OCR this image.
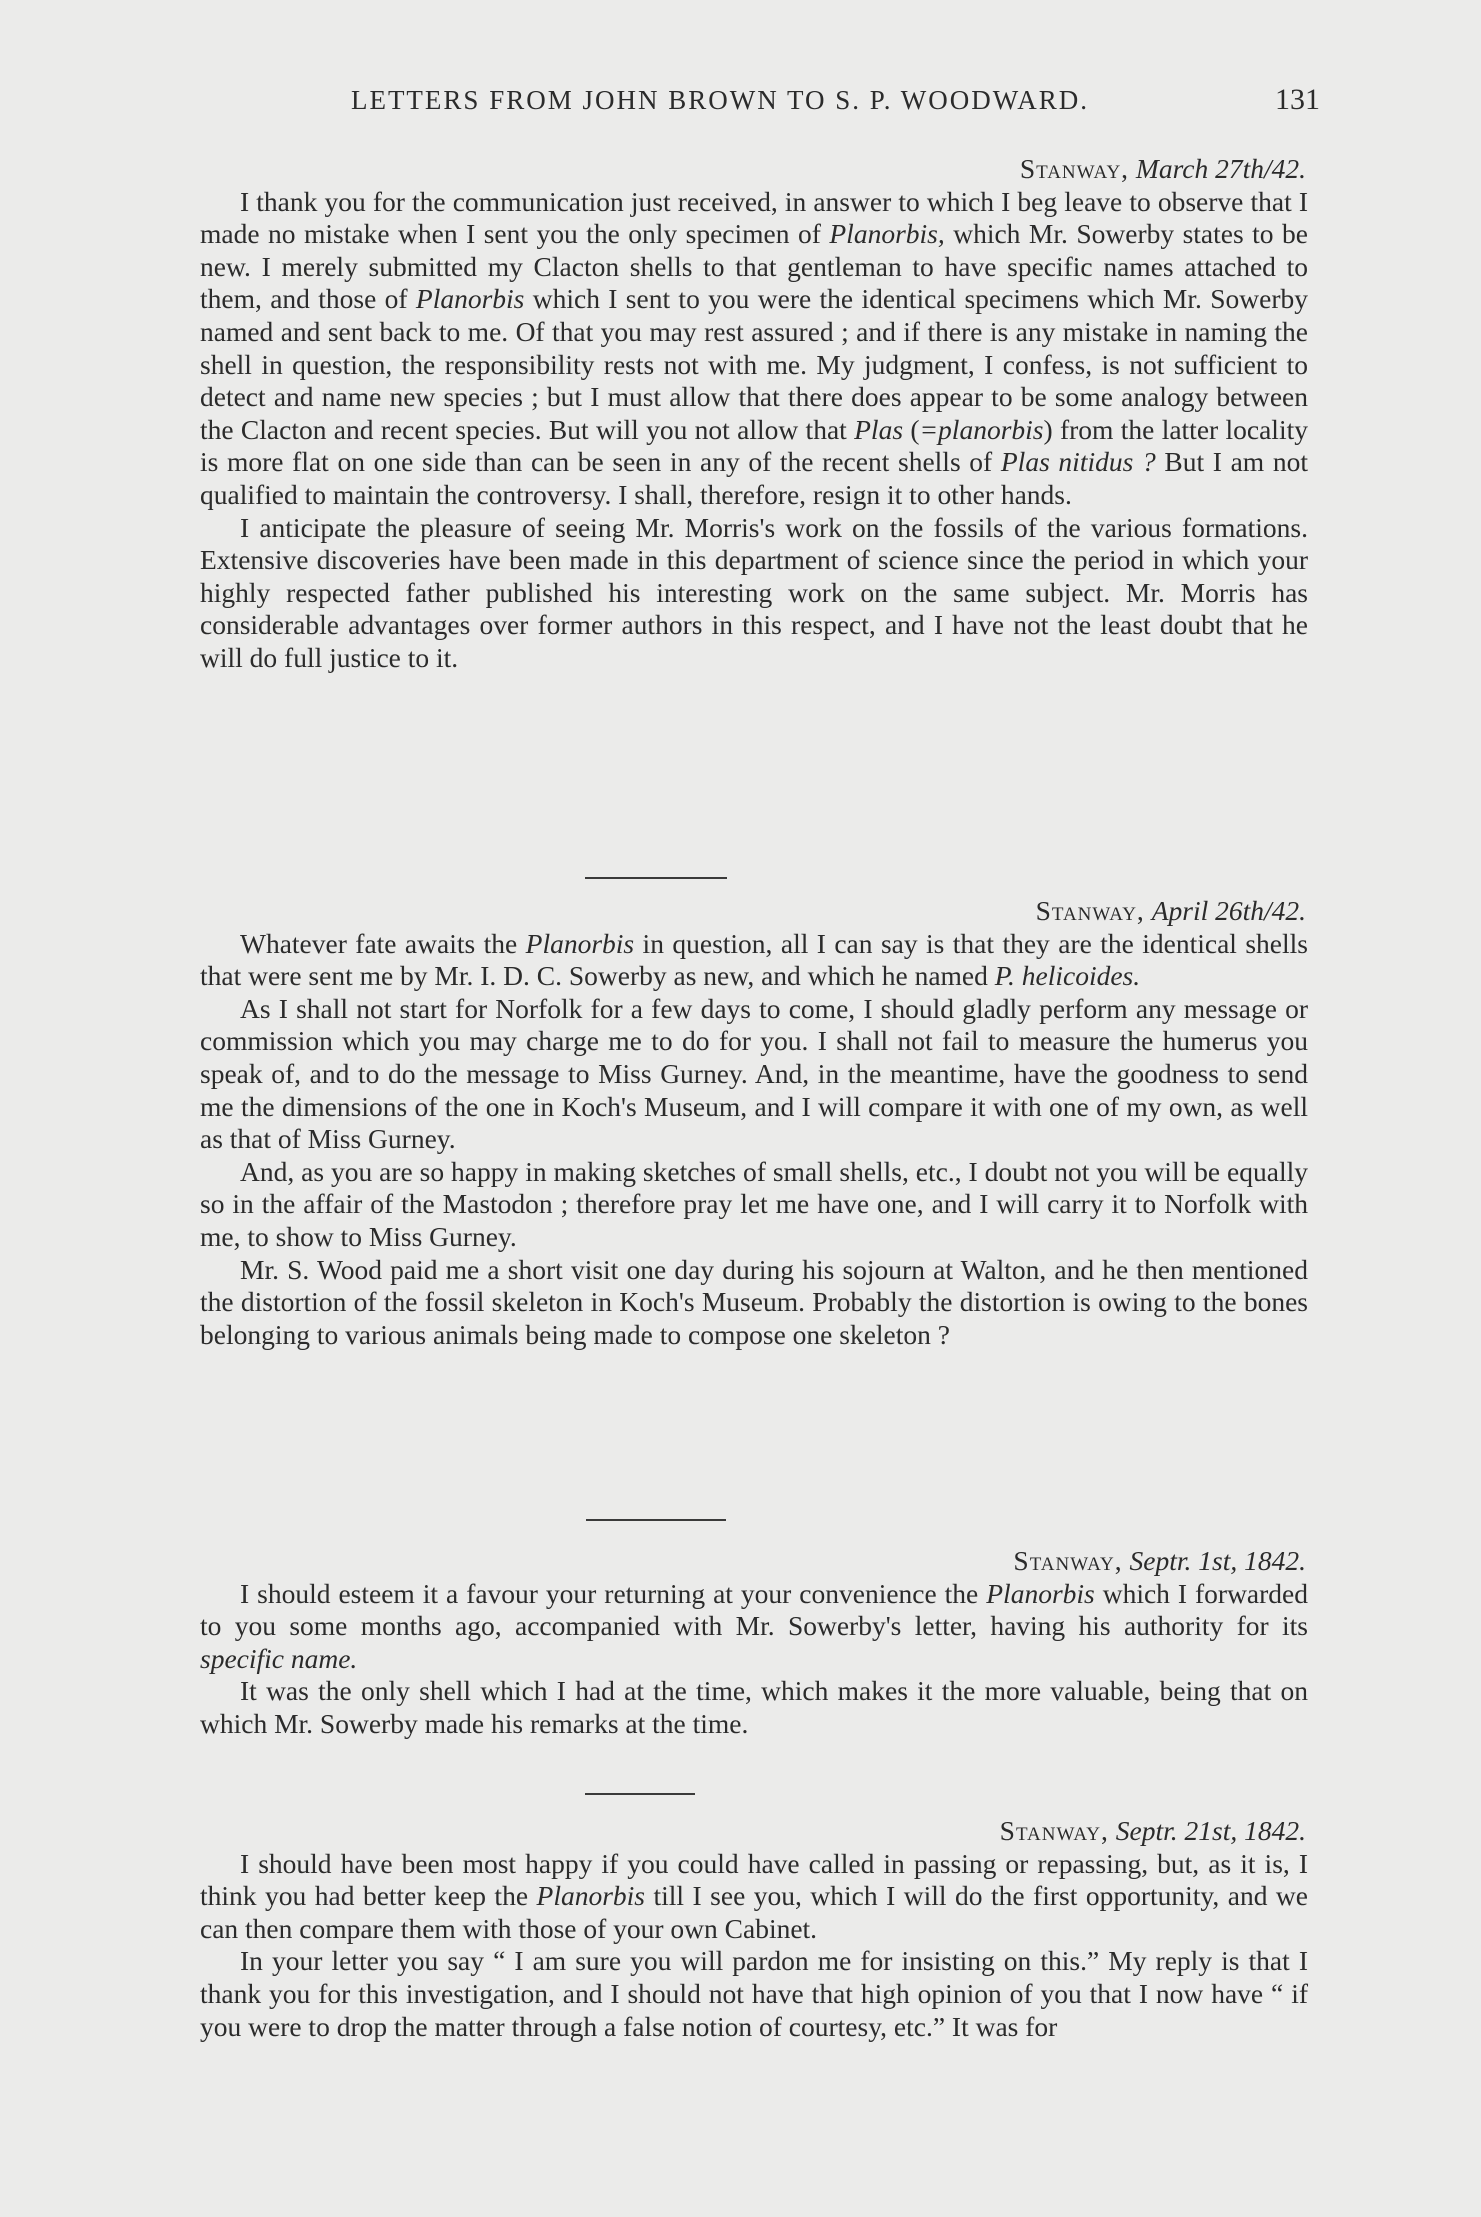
LETTERS FROM JOHN BROWN TO S. P. WOODWARD.	131

Stanway, March 27th/42.

I thank you for the communication just received, in answer to which I beg leave to observe that I made no mistake when I sent you the only specimen of Planorbis, which Mr. Sowerby states to be new. I merely submitted my Clacton shells to that gentleman to have specific names attached to them, and those of Planorbis which I sent to you were the identical specimens which Mr. Sowerby named and sent back to me. Of that you may rest assured ; and if there is any mistake in naming the shell in question, the responsibility rests not with me. My judgment, I confess, is not sufficient to detect and name new species ; but I must allow that there does appear to be some analogy between the Clacton and recent species. But will you not allow that Plas (=planorbis) from the latter locality is more flat on one side than can be seen in any of the recent shells of Plas nitidus ? But I am not qualified to maintain the controversy. I shall, therefore, resign it to other hands.

I anticipate the pleasure of seeing Mr. Morris's work on the fossils of the various formations. Extensive discoveries have been made in this department of science since the period in which your highly respected father published his interesting work on the same subject. Mr. Morris has considerable advantages over former authors in this respect, and I have not the least doubt that he will do full justice to it.

Stanway, April 26th/42.

Whatever fate awaits the Planorbis in question, all I can say is that they are the identical shells that were sent me by Mr. I. D. C. Sowerby as new, and which he named P. helicoides.

As I shall not start for Norfolk for a few days to come, I should gladly perform any message or commission which you may charge me to do for you. I shall not fail to measure the humerus you speak of, and to do the message to Miss Gurney. And, in the meantime, have the goodness to send me the dimensions of the one in Koch's Museum, and I will compare it with one of my own, as well as that of Miss Gurney.

And, as you are so happy in making sketches of small shells, etc., I doubt not you will be equally so in the affair of the Mastodon ; therefore pray let me have one, and I will carry it to Norfolk with me, to show to Miss Gurney.

Mr. S. Wood paid me a short visit one day during his sojourn at Walton, and he then mentioned the distortion of the fossil skeleton in Koch's Museum. Probably the distortion is owing to the bones belonging to various animals being made to compose one skeleton ?

Stanway, Septr. 1st, 1842.

I should esteem it a favour your returning at your convenience the Planorbis which I forwarded to you some months ago, accompanied with Mr. Sowerby's letter, having his authority for its specific name.

It was the only shell which I had at the time, which makes it the more valuable, being that on which Mr. Sowerby made his remarks at the time.

Stanway, Septr. 21st, 1842.

I should have been most happy if you could have called in passing or repassing, but, as it is, I think you had better keep the Planorbis till I see you, which I will do the first opportunity, and we can then compare them with those of your own Cabinet.

In your letter you say “ I am sure you will pardon me for insisting on this.” My reply is that I thank you for this investigation, and I should not have that high opinion of you that I now have “ if you were to drop the matter through a false notion of courtesy, etc.” It was for
